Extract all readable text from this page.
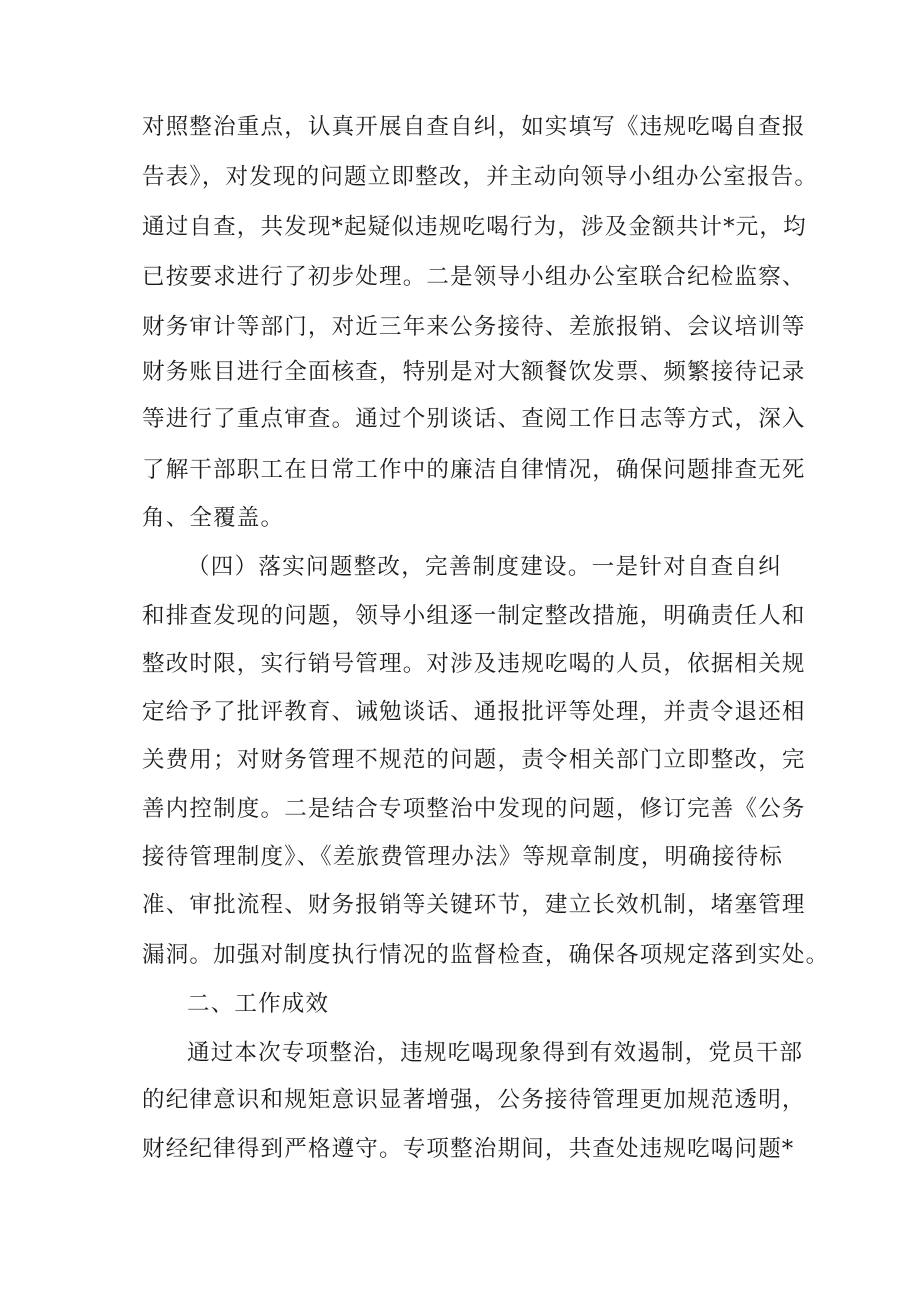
对照整治重点，认真开展自查自纠，如实填写《违规吃喝自查报
告表》，对发现的问题立即整改，并主动向领导小组办公室报告。
通过自查，共发现*起疑似违规吃喝行为，涉及金额共计*元，均
已按要求进行了初步处理。二是领导小组办公室联合纪检监察、
财务审计等部门，对近三年来公务接待、差旅报销、会议培训等
财务账目进行全面核查，特别是对大额餐饮发票、频繁接待记录
等进行了重点审查。通过个别谈话、查阅工作日志等方式，深入
了解干部职工在日常工作中的廉洁自律情况，确保问题排查无死
角、全覆盖。
（四）落实问题整改，完善制度建设。一是针对自查自纠
和排查发现的问题，领导小组逐一制定整改措施，明确责任人和
整改时限，实行销号管理。对涉及违规吃喝的人员，依据相关规
定给予了批评教育、诫勉谈话、通报批评等处理，并责令退还相
关费用；对财务管理不规范的问题，责令相关部门立即整改，完
善内控制度。二是结合专项整治中发现的问题，修订完善《公务
接待管理制度》、《差旅费管理办法》等规章制度，明确接待标
准、审批流程、财务报销等关键环节，建立长效机制，堵塞管理
漏洞。加强对制度执行情况的监督检查，确保各项规定落到实处。
二、工作成效
通过本次专项整治，违规吃喝现象得到有效遏制，党员干部
的纪律意识和规矩意识显著增强，公务接待管理更加规范透明，
财经纪律得到严格遵守。专项整治期间，共查处违规吃喝问题*
